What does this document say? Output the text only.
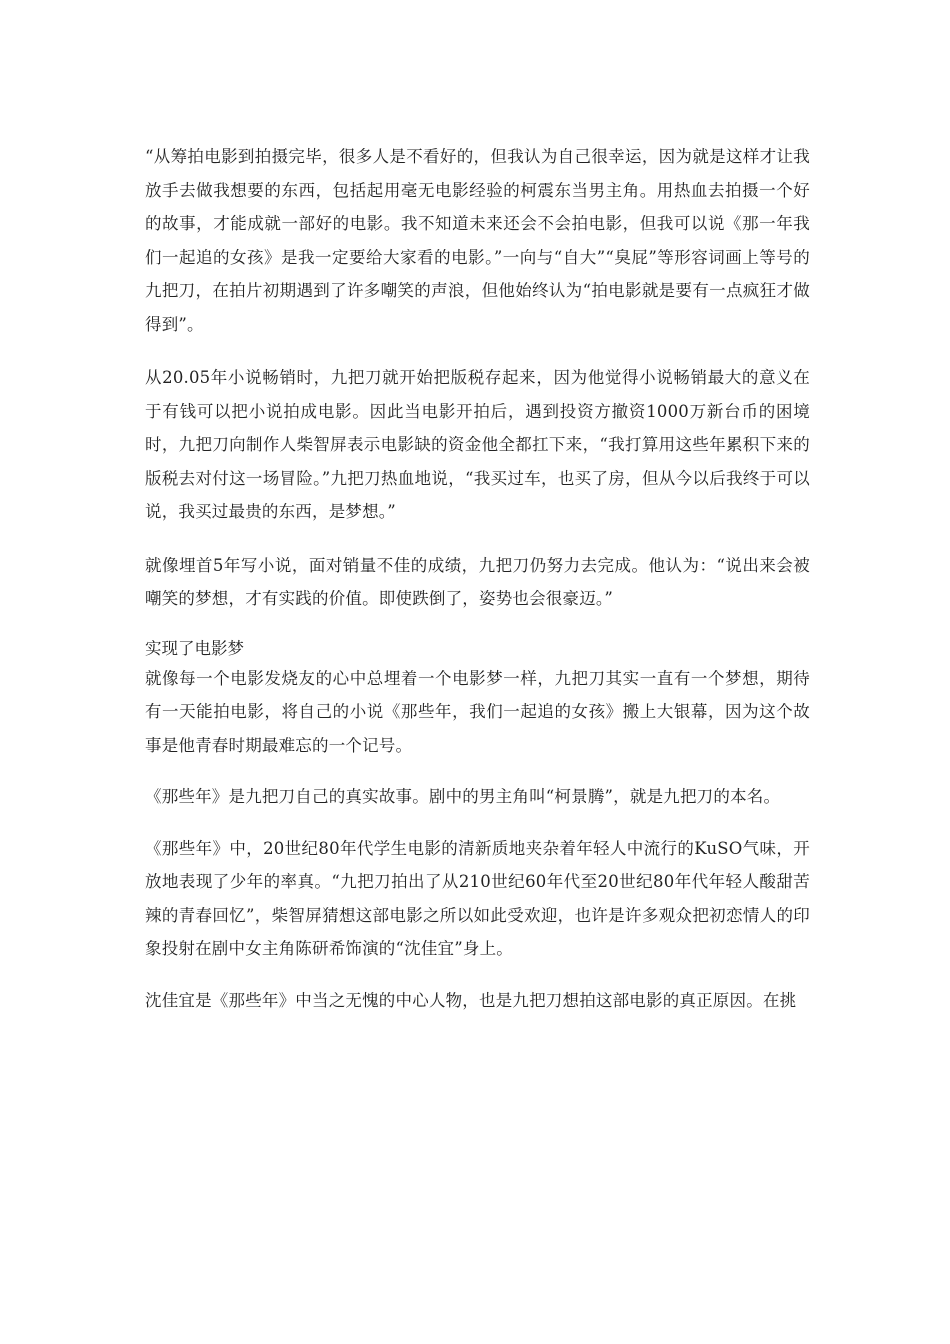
“从筹拍电影到拍摄完毕，很多人是不看好的，但我认为自己很幸运，因为就是这样才让我放手去做我想要的东西，包括起用毫无电影经验的柯震东当男主角。用热血去拍摄一个好的故事，才能成就一部好的电影。我不知道未来还会不会拍电影，但我可以说《那一年我们一起追的女孩》是我一定要给大家看的电影。”一向与“自大”“臭屁”等形容词画上等号的九把刀，在拍片初期遇到了许多嘲笑的声浪，但他始终认为“拍电影就是要有一点疯狂才做得到”。

从20.05年小说畅销时，九把刀就开始把版税存起来，因为他觉得小说畅销最大的意义在于有钱可以把小说拍成电影。因此当电影开拍后，遇到投资方撤资1000万新台币的困境时，九把刀向制作人柴智屏表示电影缺的资金他全都扛下来，“我打算用这些年累积下来的版税去对付这一场冒险。”九把刀热血地说，“我买过车，也买了房，但从今以后我终于可以说，我买过最贵的东西，是梦想。”

就像埋首5年写小说，面对销量不佳的成绩，九把刀仍努力去完成。他认为：“说出来会被嘲笑的梦想，才有实践的价值。即使跌倒了，姿势也会很豪迈。”

实现了电影梦

就像每一个电影发烧友的心中总埋着一个电影梦一样，九把刀其实一直有一个梦想，期待有一天能拍电影，将自己的小说《那些年，我们一起追的女孩》搬上大银幕，因为这个故事是他青春时期最难忘的一个记号。

《那些年》是九把刀自己的真实故事。剧中的男主角叫“柯景腾”，就是九把刀的本名。

《那些年》中，20世纪80年代学生电影的清新质地夹杂着年轻人中流行的KuSO气味，开放地表现了少年的率真。“九把刀拍出了从210世纪60年代至20世纪80年代年轻人酸甜苦辣的青春回忆”，柴智屏猜想这部电影之所以如此受欢迎，也许是许多观众把初恋情人的印象投射在剧中女主角陈研希饰演的“沈佳宜”身上。

沈佳宜是《那些年》中当之无愧的中心人物，也是九把刀想拍这部电影的真正原因。在挑
